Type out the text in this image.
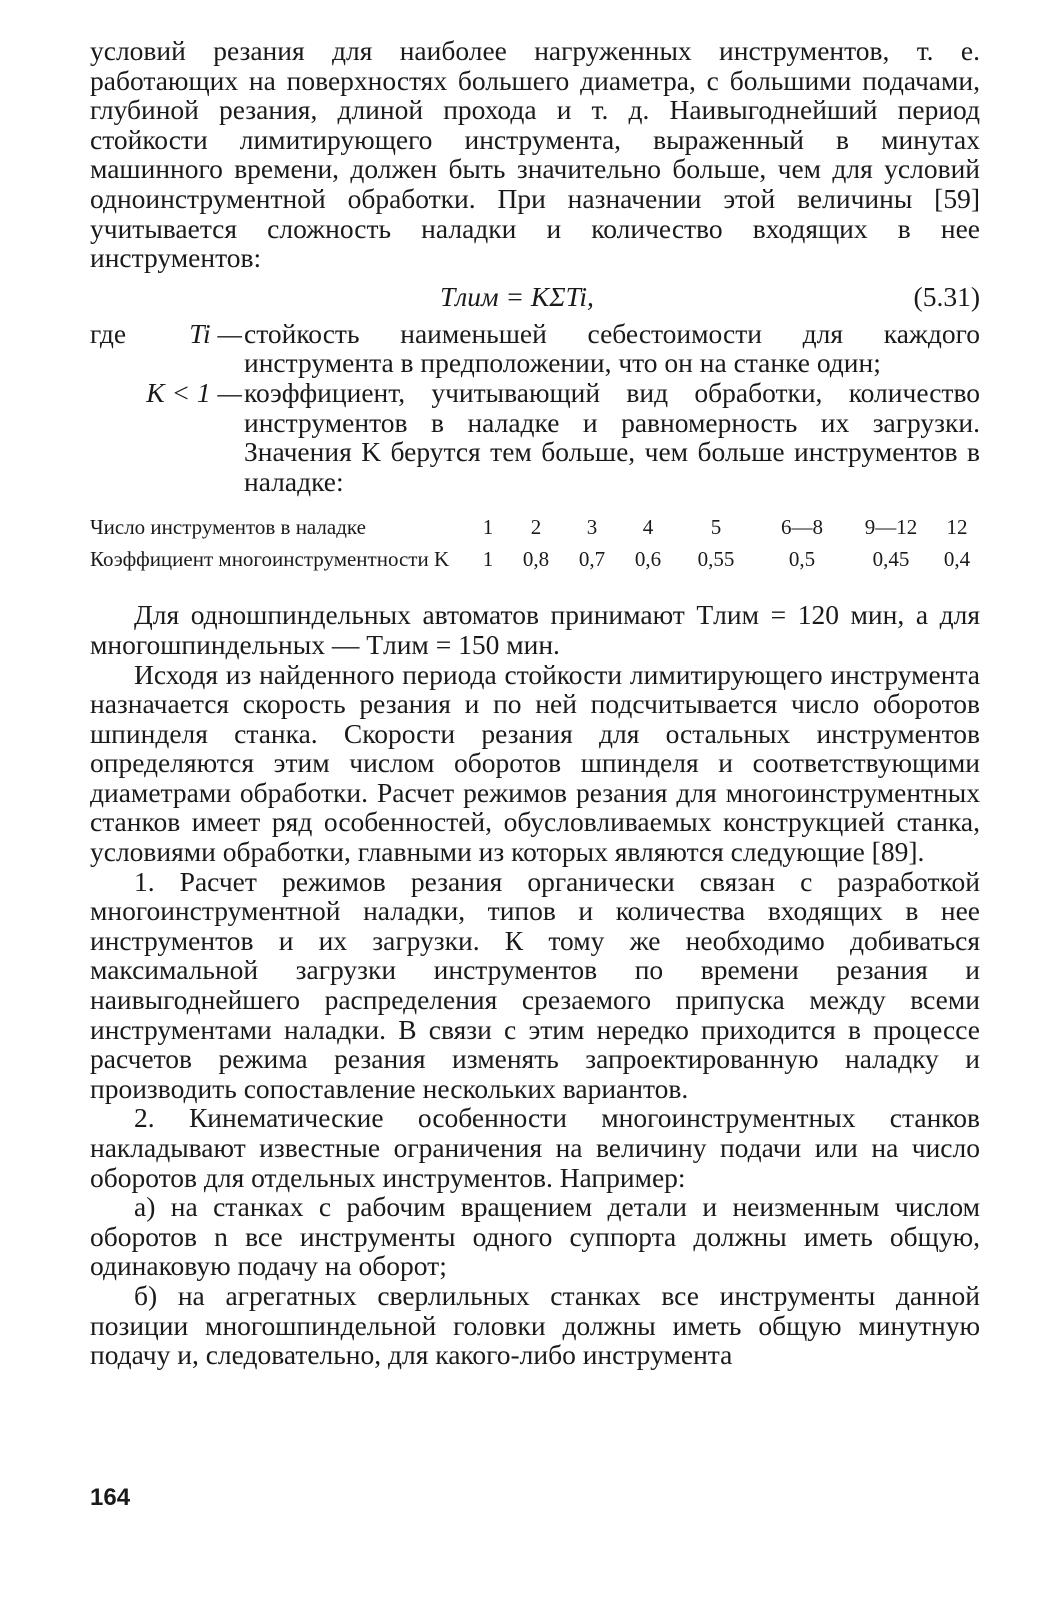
условий резания для наиболее нагруженных инструментов, т. е. работающих на поверхностях большего диаметра, с большими подачами, глубиной резания, длиной прохода и т. д. Наивыгоднейший период стойкости лимитирующего инструмента, выраженный в минутах машинного времени, должен быть значительно больше, чем для условий одноинструментной обработки. При назначении этой величины [59] учитывается сложность наладки и количество входящих в нее инструментов:

Tлим = KΣTi,	(5.31)
где	Ti — стойкость наименьшей себестоимости для каждого инструмента в предположении, что он на станке один;
K < 1 — коэффициент, учитывающий вид обработки, количество инструментов в наладке и равномерность их загрузки. Значения K берутся тем больше, чем больше инструментов в наладке:
Число инструментов в наладке	1	2	3	4	5	6—8	9—12	12
Коэффициент многоинструментности K	1	0,8	0,7	0,6	0,55	0,5	0,45	0,4

Для одношпиндельных автоматов принимают Tлим = 120 мин, а для многошпиндельных — Tлим = 150 мин.

Исходя из найденного периода стойкости лимитирующего инструмента назначается скорость резания и по ней подсчитывается число оборотов шпинделя станка. Скорости резания для остальных инструментов определяются этим числом оборотов шпинделя и соответствующими диаметрами обработки. Расчет режимов резания для многоинструментных станков имеет ряд особенностей, обусловливаемых конструкцией станка, условиями обработки, главными из которых являются следующие [89].

1. Расчет режимов резания органически связан с разработкой многоинструментной наладки, типов и количества входящих в нее инструментов и их загрузки. К тому же необходимо добиваться максимальной загрузки инструментов по времени резания и наивыгоднейшего распределения срезаемого припуска между всеми инструментами наладки. В связи с этим нередко приходится в процессе расчетов режима резания изменять запроектированную наладку и производить сопоставление нескольких вариантов.

2. Кинематические особенности многоинструментных станков накладывают известные ограничения на величину подачи или на число оборотов для отдельных инструментов. Например:

а) на станках с рабочим вращением детали и неизменным числом оборотов n все инструменты одного суппорта должны иметь общую, одинаковую подачу на оборот;

б) на агрегатных сверлильных станках все инструменты данной позиции многошпиндельной головки должны иметь общую минутную подачу и, следовательно, для какого-либо инструмента

164
